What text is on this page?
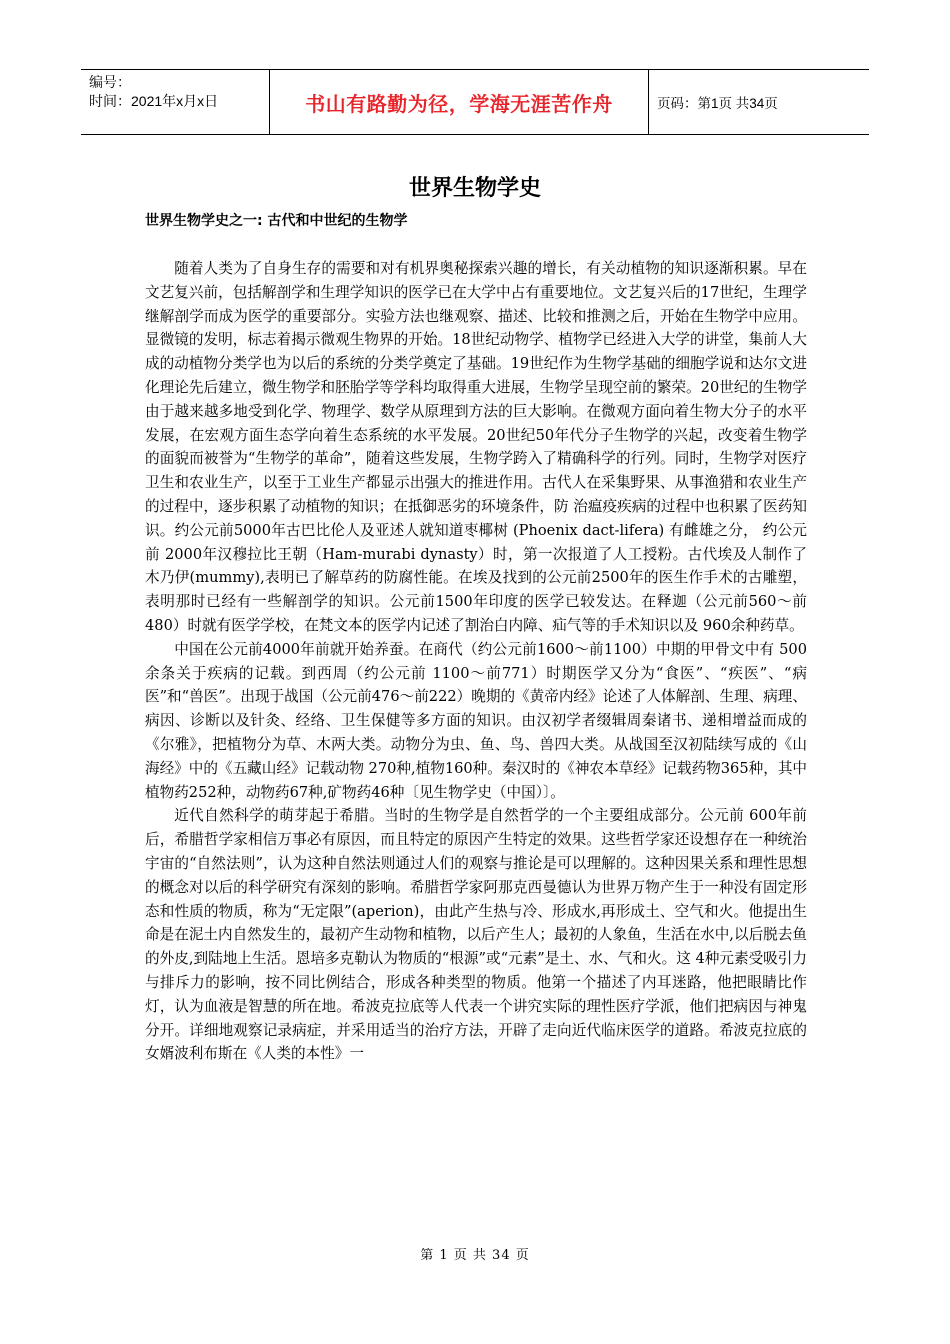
编号：
时间：2021年x月x日	书山有路勤为径，学海无涯苦作舟	页码：第1页 共34页
世界生物学史
世界生物学史之一: 古代和中世纪的生物学

随着人类为了自身生存的需要和对有机界奥秘探索兴趣的增长，有关动植物的知识逐渐积累。早在文艺复兴前，包括解剖学和生理学知识的医学已在大学中占有重要地位。文艺复兴后的17世纪，生理学继解剖学而成为医学的重要部分。实验方法也继观察、描述、比较和推测之后，开始在生物学中应用。显微镜的发明，标志着揭示微观生物界的开始。18世纪动物学、植物学已经进入大学的讲堂，集前人大成的动植物分类学也为以后的系统的分类学奠定了基础。19世纪作为生物学基础的细胞学说和达尔文进化理论先后建立，微生物学和胚胎学等学科均取得重大进展，生物学呈现空前的繁荣。20世纪的生物学由于越来越多地受到化学、物理学、数学从原理到方法的巨大影响。在微观方面向着生物大分子的水平发展，在宏观方面生态学向着生态系统的水平发展。20世纪50年代分子生物学的兴起，改变着生物学的面貌而被誉为“生物学的革命”，随着这些发展，生物学跨入了精确科学的行列。同时，生物学对医疗卫生和农业生产，以至于工业生产都显示出强大的推进作用。古代人在采集野果、从事渔猎和农业生产的过程中，逐步积累了动植物的知识；在抵御恶劣的环境条件，防 治瘟疫疾病的过程中也积累了医药知识。约公元前5000年古巴比伦人及亚述人就知道枣椰树 (Phoenix dact-lifera) 有雌雄之分， 约公元前 2000年汉穆拉比王朝（Ham-murabi dynasty）时，第一次报道了人工授粉。古代埃及人制作了木乃伊(mummy),表明已了解草药的防腐性能。在埃及找到的公元前2500年的医生作手术的古雕塑，表明那时已经有一些解剖学的知识。公元前1500年印度的医学已较发达。在释迦（公元前560～前480）时就有医学学校，在梵文本的医学内记述了割治白内障、疝气等的手术知识以及 960余种药草。

中国在公元前4000年前就开始养蚕。在商代（约公元前1600～前1100）中期的甲骨文中有 500余条关于疾病的记载。到西周（约公元前 1100～前771）时期医学又分为“食医”、“疾医”、“病医”和“兽医”。出现于战国（公元前476～前222）晚期的《黄帝内经》论述了人体解剖、生理、病理、病因、诊断以及针灸、经络、卫生保健等多方面的知识。由汉初学者缀辑周秦诸书、递相增益而成的《尔雅》，把植物分为草、木两大类。动物分为虫、鱼、鸟、兽四大类。从战国至汉初陆续写成的《山海经》中的《五藏山经》记载动物 270种,植物160种。秦汉时的《神农本草经》记载药物365种，其中植物药252种，动物药67种,矿物药46种〔见生物学史（中国）〕。

近代自然科学的萌芽起于希腊。当时的生物学是自然哲学的一个主要组成部分。公元前 600年前后，希腊哲学家相信万事必有原因，而且特定的原因产生特定的效果。这些哲学家还设想存在一种统治宇宙的“自然法则”，认为这种自然法则通过人们的观察与推论是可以理解的。这种因果关系和理性思想的概念对以后的科学研究有深刻的影响。希腊哲学家阿那克西曼德认为世界万物产生于一种没有固定形态和性质的物质，称为“无定限”(aperion)，由此产生热与冷、形成水,再形成土、空气和火。他提出生命是在泥土内自然发生的，最初产生动物和植物，以后产生人；最初的人象鱼，生活在水中,以后脱去鱼的外皮,到陆地上生活。恩培多克勒认为物质的“根源”或“元素”是土、水、气和火。这 4种元素受吸引力与排斥力的影响，按不同比例结合，形成各种类型的物质。他第一个描述了内耳迷路，他把眼睛比作灯，认为血液是智慧的所在地。希波克拉底等人代表一个讲究实际的理性医疗学派，他们把病因与神鬼分开。详细地观察记录病症，并采用适当的治疗方法，开辟了走向近代临床医学的道路。希波克拉底的女婿波利布斯在《人类的本性》一

第 1 页 共 34 页
